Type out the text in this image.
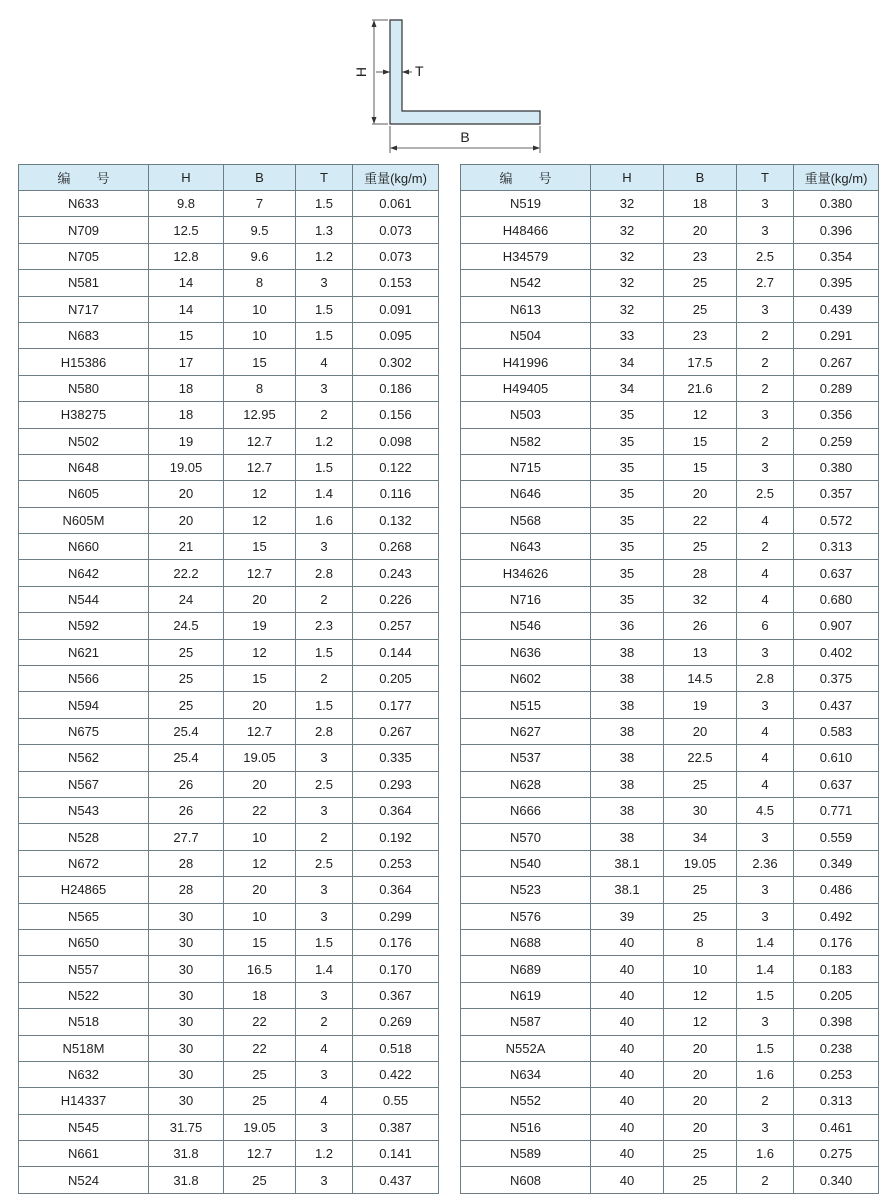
H	T
B
编　　号	H	B	T	重量(kg/m)
N633	9.8	7	1.5	0.061
N709	12.5	9.5	1.3	0.073
N705	12.8	9.6	1.2	0.073
N581	14	8	3	0.153
N717	14	10	1.5	0.091
N683	15	10	1.5	0.095
H15386	17	15	4	0.302
N580	18	8	3	0.186
H38275	18	12.95	2	0.156
N502	19	12.7	1.2	0.098
N648	19.05	12.7	1.5	0.122
N605	20	12	1.4	0.116
N605M	20	12	1.6	0.132
N660	21	15	3	0.268
N642	22.2	12.7	2.8	0.243
N544	24	20	2	0.226
N592	24.5	19	2.3	0.257
N621	25	12	1.5	0.144
N566	25	15	2	0.205
N594	25	20	1.5	0.177
N675	25.4	12.7	2.8	0.267
N562	25.4	19.05	3	0.335
N567	26	20	2.5	0.293
N543	26	22	3	0.364
N528	27.7	10	2	0.192
N672	28	12	2.5	0.253
H24865	28	20	3	0.364
N565	30	10	3	0.299
N650	30	15	1.5	0.176
N557	30	16.5	1.4	0.170
N522	30	18	3	0.367
N518	30	22	2	0.269
N518M	30	22	4	0.518
N632	30	25	3	0.422
H14337	30	25	4	0.55
N545	31.75	19.05	3	0.387
N661	31.8	12.7	1.2	0.141
N524	31.8	25	3	0.437
编　　号	H	B	T	重量(kg/m)
N519	32	18	3	0.380
H48466	32	20	3	0.396
H34579	32	23	2.5	0.354
N542	32	25	2.7	0.395
N613	32	25	3	0.439
N504	33	23	2	0.291
H41996	34	17.5	2	0.267
H49405	34	21.6	2	0.289
N503	35	12	3	0.356
N582	35	15	2	0.259
N715	35	15	3	0.380
N646	35	20	2.5	0.357
N568	35	22	4	0.572
N643	35	25	2	0.313
H34626	35	28	4	0.637
N716	35	32	4	0.680
N546	36	26	6	0.907
N636	38	13	3	0.402
N602	38	14.5	2.8	0.375
N515	38	19	3	0.437
N627	38	20	4	0.583
N537	38	22.5	4	0.610
N628	38	25	4	0.637
N666	38	30	4.5	0.771
N570	38	34	3	0.559
N540	38.1	19.05	2.36	0.349
N523	38.1	25	3	0.486
N576	39	25	3	0.492
N688	40	8	1.4	0.176
N689	40	10	1.4	0.183
N619	40	12	1.5	0.205
N587	40	12	3	0.398
N552A	40	20	1.5	0.238
N634	40	20	1.6	0.253
N552	40	20	2	0.313
N516	40	20	3	0.461
N589	40	25	1.6	0.275
N608	40	25	2	0.340
